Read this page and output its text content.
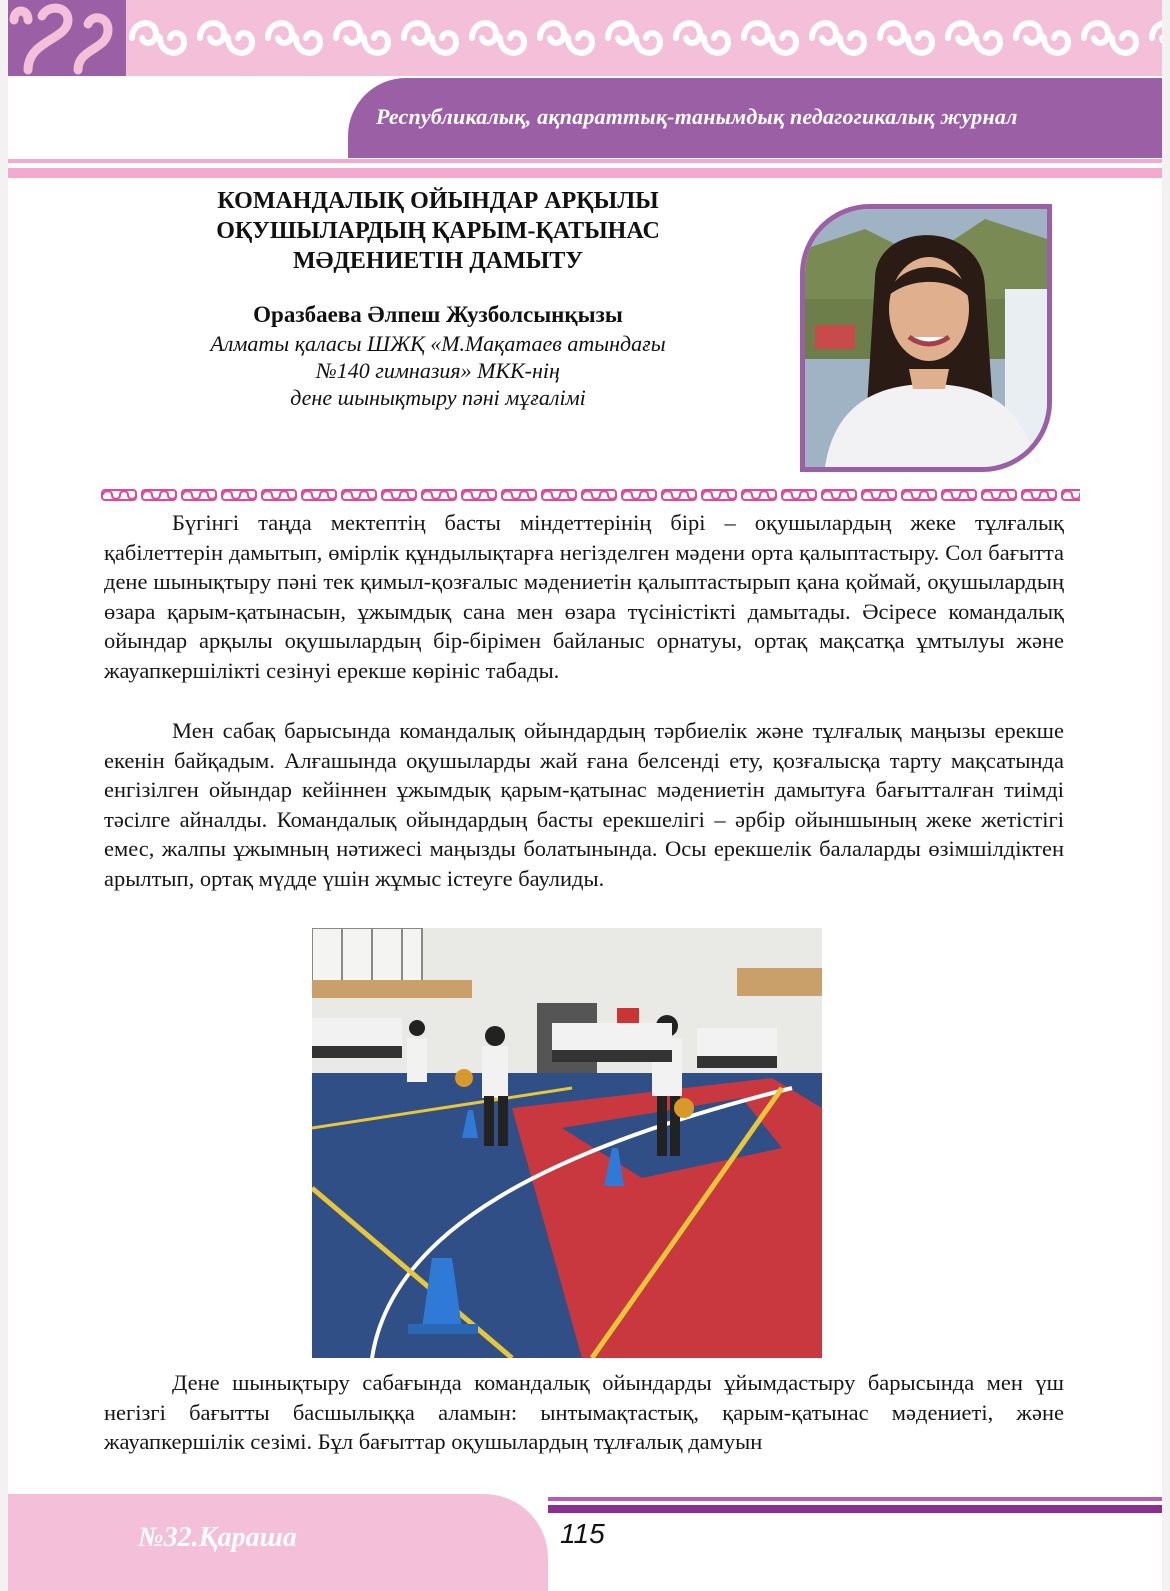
Республикалық, ақпараттық-танымдық педагогикалық журнал
КОМАНДАЛЫҚ ОЙЫНДАР АРҚЫЛЫ
ОҚУШЫЛАРДЫҢ ҚАРЫМ-ҚАТЫНАС
МӘДЕНИЕТІН ДАМЫТУ
Оразбаева Әлпеш Жузболсынқызы
Алматы қаласы ШЖҚ «М.Мақатаев атындағы
№140 гимназия» МКК-нің
дене шынықтыру пәні мұғалімі

Бүгінгі таңда мектептің басты міндеттерінің бірі – оқушылардың жеке тұлғалық қабілеттерін дамытып, өмірлік құндылықтарға негізделген мәдени орта қалыптастыру. Сол бағытта дене шынықтыру пәні тек қимыл-қозғалыс мәдениетін қалыптастырып қана қоймай, оқушылардың өзара қарым-қатынасын, ұжымдық сана мен өзара түсіністікті дамытады. Әсіресе командалық ойындар арқылы оқушылардың бір-бірімен байланыс орнатуы, ортақ мақсатқа ұмтылуы және жауапкершілікті сезінуі ерекше көрініс табады.

Мен сабақ барысында командалық ойындардың тәрбиелік және тұлғалық маңызы ерекше екенін байқадым. Алғашында оқушыларды жай ғана белсенді ету, қозғалысқа тарту мақсатында енгізілген ойындар кейіннен ұжымдық қарым-қатынас мәдениетін дамытуға бағытталған тиімді тәсілге айналды. Командалық ойындардың басты ерекшелігі – әрбір ойыншының жеке жетістігі емес, жалпы ұжымның нәтижесі маңызды болатынында. Осы ерекшелік балаларды өзімшілдіктен арылтып, ортақ мүдде үшін жұмыс істеуге баулиды.

Дене шынықтыру сабағында командалық ойындарды ұйымдастыру барысында мен үш негізгі бағытты басшылыққа аламын: ынтымақтастық, қарым-қатынас мәдениеті, және жауапкершілік сезімі. Бұл бағыттар оқушылардың тұлғалық дамуын

№32.Қараша	115
